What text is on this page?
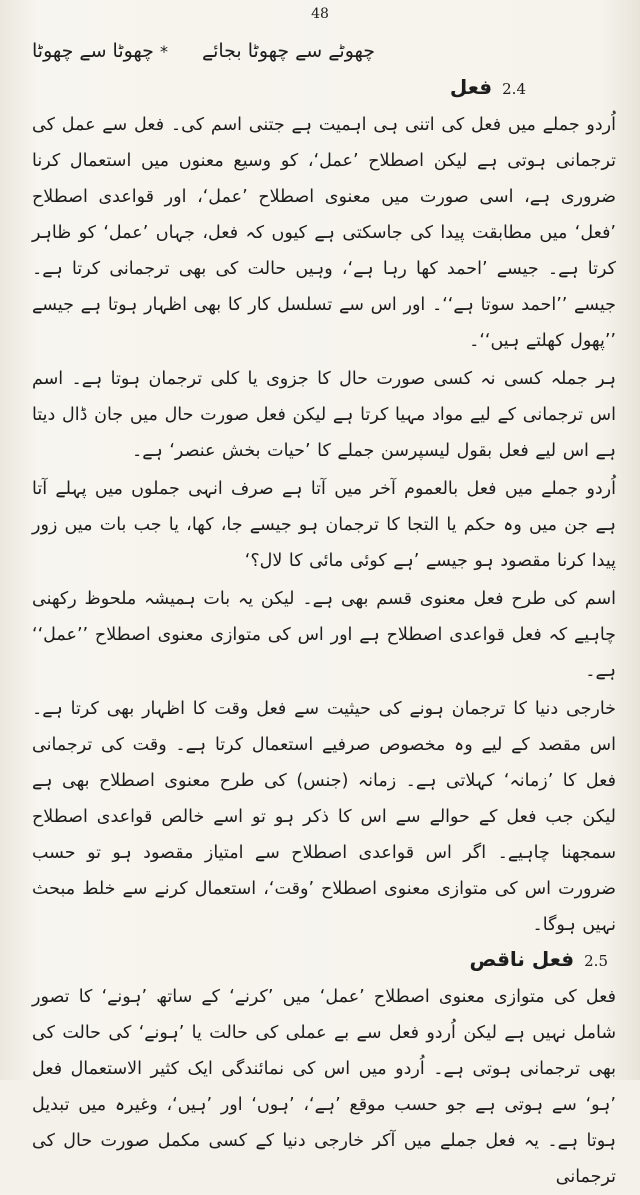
48
چھوٹے سے چھوٹا بجائے
*چھوٹا سے چھوٹا
2.4
فعل

اُردو جملے میں فعل کی اتنی ہی اہمیت ہے جتنی اسم کی۔ فعل سے عمل کی ترجمانی ہوتی ہے لیکن اصطلاح ’عمل‘، کو وسیع معنوں میں استعمال کرنا ضروری ہے، اسی صورت میں معنوی اصطلاح ’عمل‘، اور قواعدی اصطلاح ’فعل‘ میں مطابقت پیدا کی جاسکتی ہے کیوں کہ فعل، جہاں ’عمل‘ کو ظاہر کرتا ہے۔ جیسے ’احمد کھا رہا ہے‘، وہیں حالت کی بھی ترجمانی کرتا ہے۔ جیسے ’’احمد سوتا ہے‘‘۔ اور اس سے تسلسل کار کا بھی اظہار ہوتا ہے جیسے ’’پھول کھلتے ہیں‘‘۔

ہر جملہ کسی نہ کسی صورت حال کا جزوی یا کلی ترجمان ہوتا ہے۔ اسم اس ترجمانی کے لیے مواد مہیا کرتا ہے لیکن فعل صورت حال میں جان ڈال دیتا ہے اس لیے فعل بقول لیسپرسن جملے کا ’حیات بخش عنصر‘ ہے۔

اُردو جملے میں فعل بالعموم آخر میں آتا ہے صرف انہی جملوں میں پہلے آتا ہے جن میں وہ حکم یا التجا کا ترجمان ہو جیسے جا، کھا، یا جب بات میں زور پیدا کرنا مقصود ہو جیسے ’ہے کوئی مائی کا لال؟‘

اسم کی طرح فعل معنوی قسم بھی ہے۔ لیکن یہ بات ہمیشہ ملحوظ رکھنی چاہیے کہ فعل قواعدی اصطلاح ہے اور اس کی متوازی معنوی اصطلاح ’’عمل‘‘ ہے۔

خارجی دنیا کا ترجمان ہونے کی حیثیت سے فعل وقت کا اظہار بھی کرتا ہے۔ اس مقصد کے لیے وہ مخصوص صرفیے استعمال کرتا ہے۔ وقت کی ترجمانی فعل کا ’زمانہ‘ کہلاتی ہے۔ زمانہ (جنس) کی طرح معنوی اصطلاح بھی ہے لیکن جب فعل کے حوالے سے اس کا ذکر ہو تو اسے خالص قواعدی اصطلاح سمجھنا چاہیے۔ اگر اس قواعدی اصطلاح سے امتیاز مقصود ہو تو حسب ضرورت اس کی متوازی معنوی اصطلاح ’وقت‘، استعمال کرنے سے خلط مبحث نہیں ہوگا۔

2.5
فعل ناقص

فعل کی متوازی معنوی اصطلاح ’عمل‘ میں ’کرنے‘ کے ساتھ ’ہونے‘ کا تصور شامل نہیں ہے لیکن اُردو فعل سے بے عملی کی حالت یا ’ہونے‘ کی حالت کی بھی ترجمانی ہوتی ہے۔ اُردو میں اس کی نمائندگی ایک کثیر الاستعمال فعل ’ہو‘ سے ہوتی ہے جو حسب موقع ’ہے‘، ’ہوں‘ اور ’ہیں‘، وغیرہ میں تبدیل ہوتا ہے۔ یہ فعل جملے میں آکر خارجی دنیا کے کسی مکمل صورت حال کی ترجمانی
